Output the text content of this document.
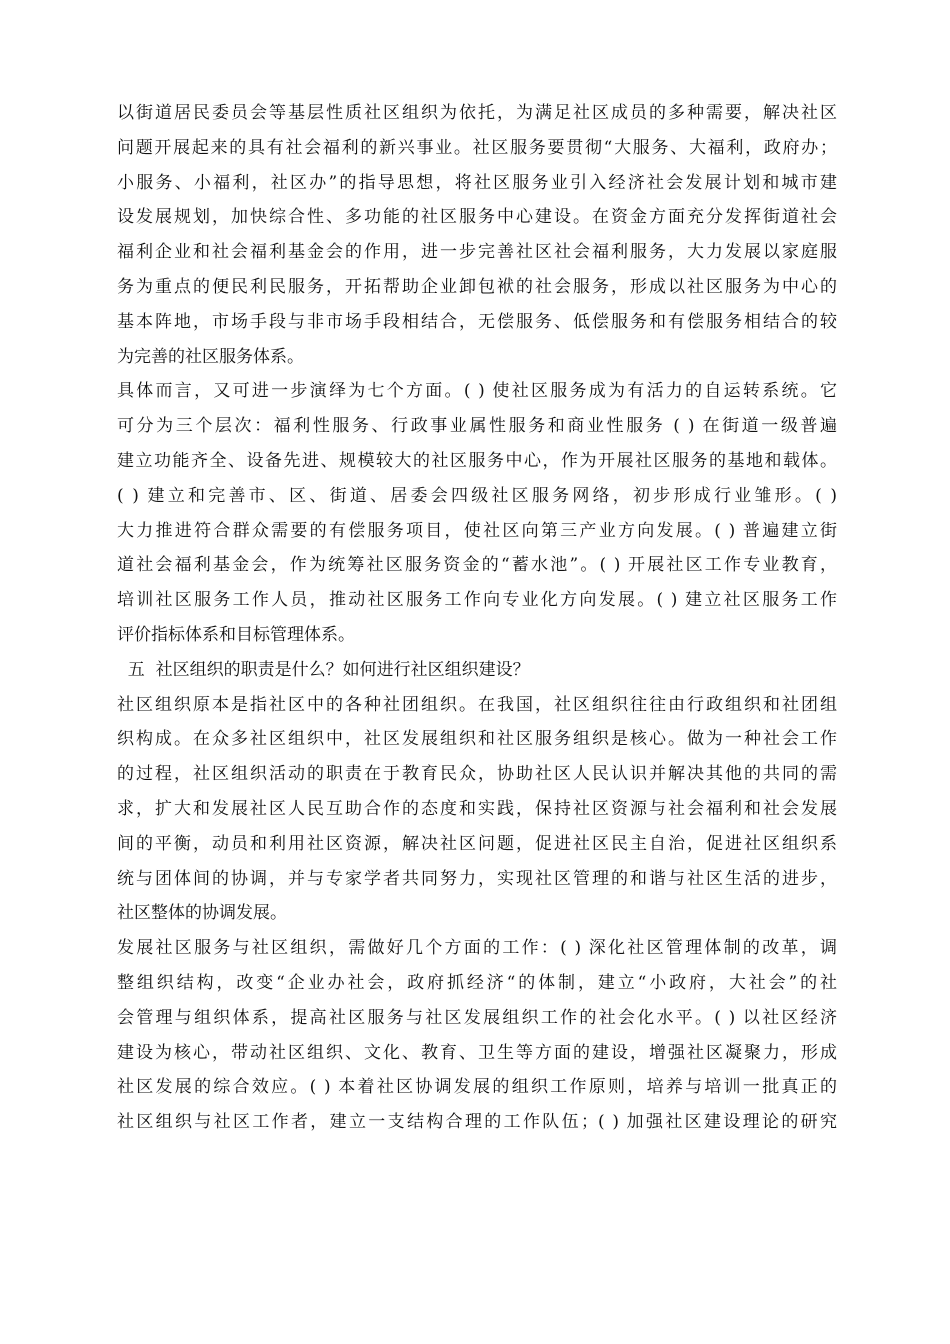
以街道居民委员会等基层性质社区组织为依托，为满足社区成员的多种需要，解决社区
问题开展起来的具有社会福利的新兴事业。社区服务要贯彻“大服务、大福利，政府办；
小服务、小福利，社区办”的指导思想，将社区服务业引入经济社会发展计划和城市建
设发展规划，加快综合性、多功能的社区服务中心建设。在资金方面充分发挥街道社会
福利企业和社会福利基金会的作用，进一步完善社区社会福利服务，大力发展以家庭服
务为重点的便民利民服务，开拓帮助企业卸包袱的社会服务，形成以社区服务为中心的
基本阵地，市场手段与非市场手段相结合，无偿服务、低偿服务和有偿服务相结合的较
为完善的社区服务体系。
具体而言，又可进一步演绎为七个方面。( ) 使社区服务成为有活力的自运转系统。它
可分为三个层次：福利性服务、行政事业属性服务和商业性服务 ( ) 在街道一级普遍
建立功能齐全、设备先进、规模较大的社区服务中心，作为开展社区服务的基地和载体。
( ) 建立和完善市、区、街道、居委会四级社区服务网络，初步形成行业雏形。( )
大力推进符合群众需要的有偿服务项目，使社区向第三产业方向发展。( ) 普遍建立街
道社会福利基金会，作为统筹社区服务资金的“蓄水池”。( ) 开展社区工作专业教育，
培训社区服务工作人员，推动社区服务工作向专业化方向发展。( ) 建立社区服务工作
评价指标体系和目标管理体系。
五  社区组织的职责是什么？如何进行社区组织建设？
社区组织原本是指社区中的各种社团组织。在我国，社区组织往往由行政组织和社团组
织构成。在众多社区组织中，社区发展组织和社区服务组织是核心。做为一种社会工作
的过程，社区组织活动的职责在于教育民众，协助社区人民认识并解决其他的共同的需
求，扩大和发展社区人民互助合作的态度和实践，保持社区资源与社会福利和社会发展
间的平衡，动员和利用社区资源，解决社区问题，促进社区民主自治，促进社区组织系
统与团体间的协调，并与专家学者共同努力，实现社区管理的和谐与社区生活的进步，
社区整体的协调发展。
发展社区服务与社区组织，需做好几个方面的工作：( ) 深化社区管理体制的改革，调
整组织结构，改变“企业办社会，政府抓经济“的体制，建立“小政府，大社会”的社
会管理与组织体系，提高社区服务与社区发展组织工作的社会化水平。( ) 以社区经济
建设为核心，带动社区组织、文化、教育、卫生等方面的建设，增强社区凝聚力，形成
社区发展的综合效应。( ) 本着社区协调发展的组织工作原则，培养与培训一批真正的
社区组织与社区工作者，建立一支结构合理的工作队伍；( ) 加强社区建设理论的研究
